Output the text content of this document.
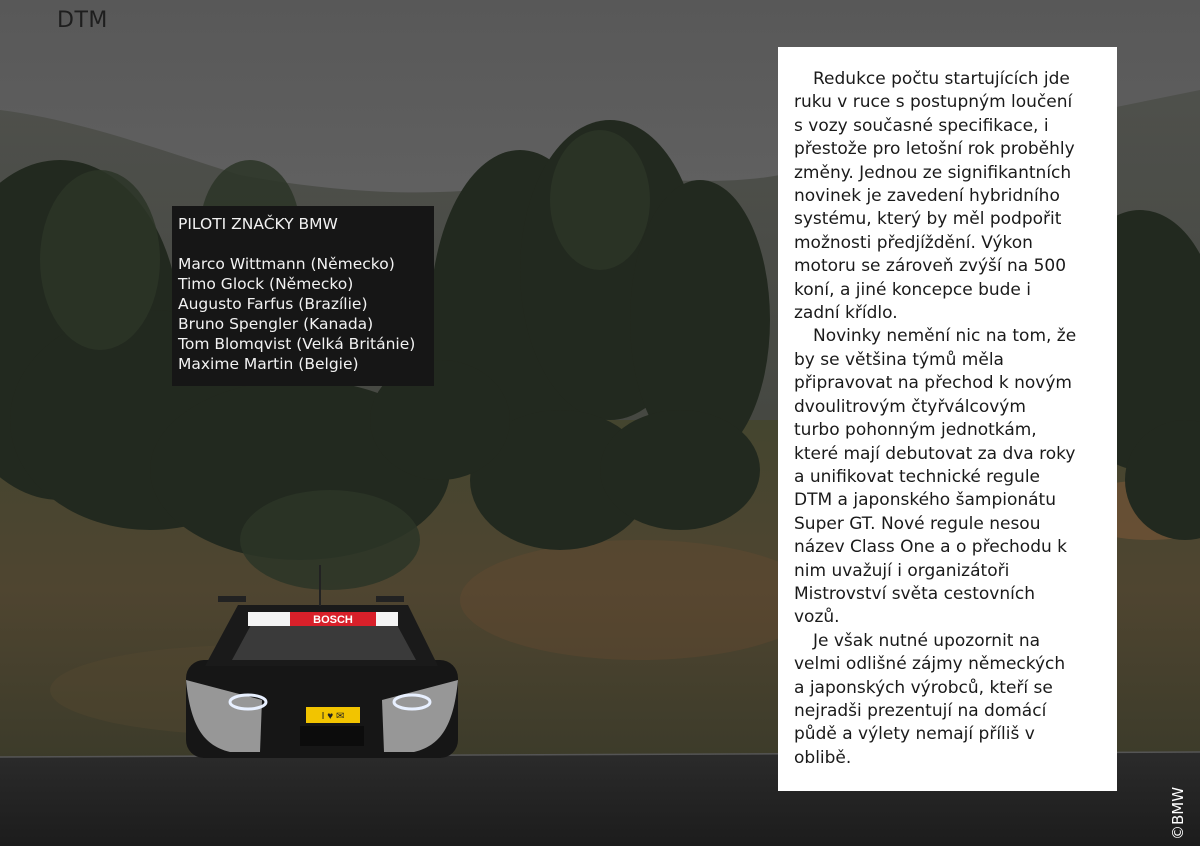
BOSCH
I ♥ ✉
DTM
PILOTI ZNAČKY BMW
Marco Wittmann (Německo)
Timo Glock (Německo)
Augusto Farfus (Brazílie)
Bruno Spengler (Kanada)
Tom Blomqvist (Velká Británie)
Maxime Martin (Belgie)

Redukce počtu startujících jde
ruku v ruce s postupným loučení
s vozy současné specifikace, i
přestože pro letošní rok proběhly
změny. Jednou ze signifikantních
novinek je zavedení hybridního
systému, který by měl podpořit
možnosti předjíždění. Výkon
motoru se zároveň zvýší na 500
koní, a jiné koncepce bude i
zadní křídlo.

Novinky nemění nic na tom, že
by se většina týmů měla
připravovat na přechod k novým
dvoulitrovým čtyřválcovým
turbo pohonným jednotkám,
které mají debutovat za dva roky
a unifikovat technické regule
DTM a japonského šampionátu
Super GT. Nové regule nesou
název Class One a o přechodu k
nim uvažují i organizátoři
Mistrovství světa cestovních
vozů.

Je však nutné upozornit na
velmi odlišné zájmy německých
a japonských výrobců, kteří se
nejradši prezentují na domácí
půdě a výlety nemají příliš v
oblibě.

©BMW
